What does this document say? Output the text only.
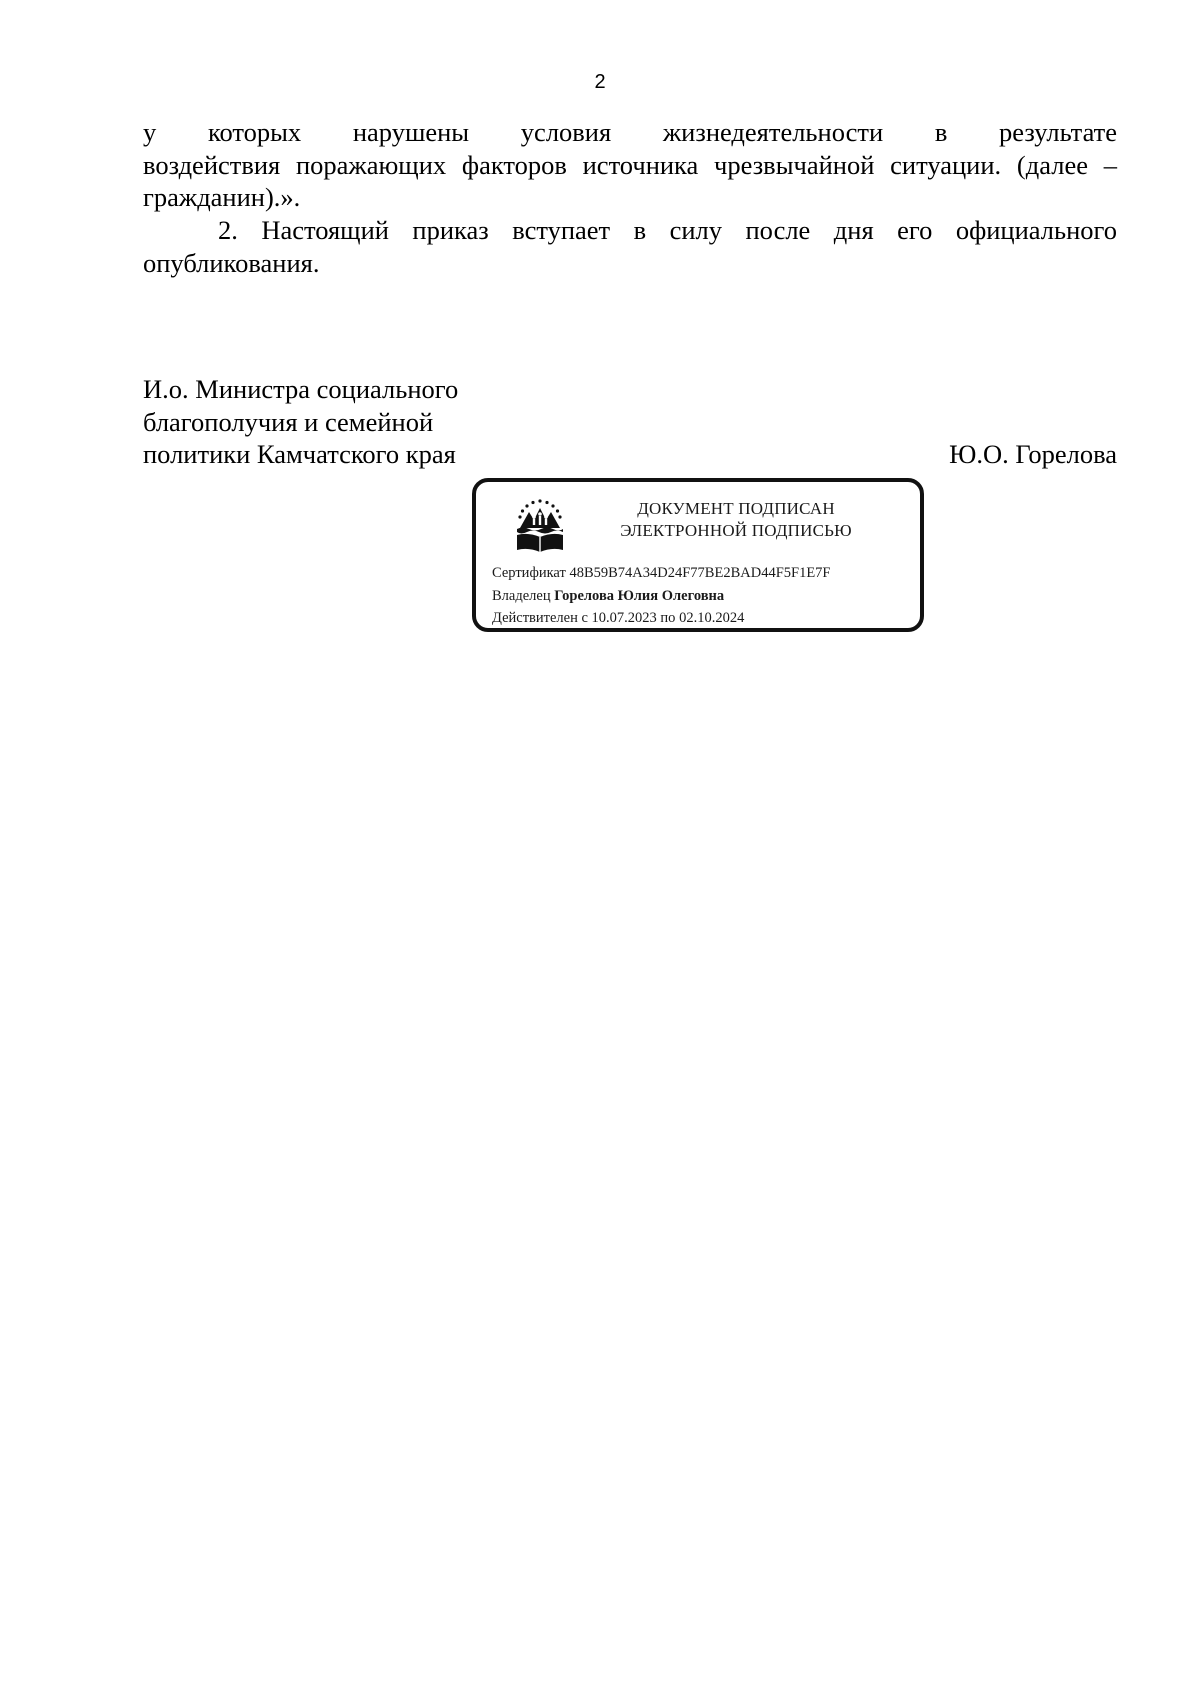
2
у которых нарушены условия жизнедеятельности в результате
воздействия поражающих факторов источника чрезвычайной ситуации. (далее –
гражданин).».
2. Настоящий приказ вступает в силу после дня его официального опубликования.
И.о. Министра социального
благополучия и семейной
политики Камчатского края	Ю.О. Горелова
ДОКУМЕНТ ПОДПИСАН
ЭЛЕКТРОННОЙ ПОДПИСЬЮ
Сертификат 48B59B74A34D24F77BE2BAD44F5F1E7F
Владелец Горелова Юлия Олеговна
Действителен с 10.07.2023 по 02.10.2024
